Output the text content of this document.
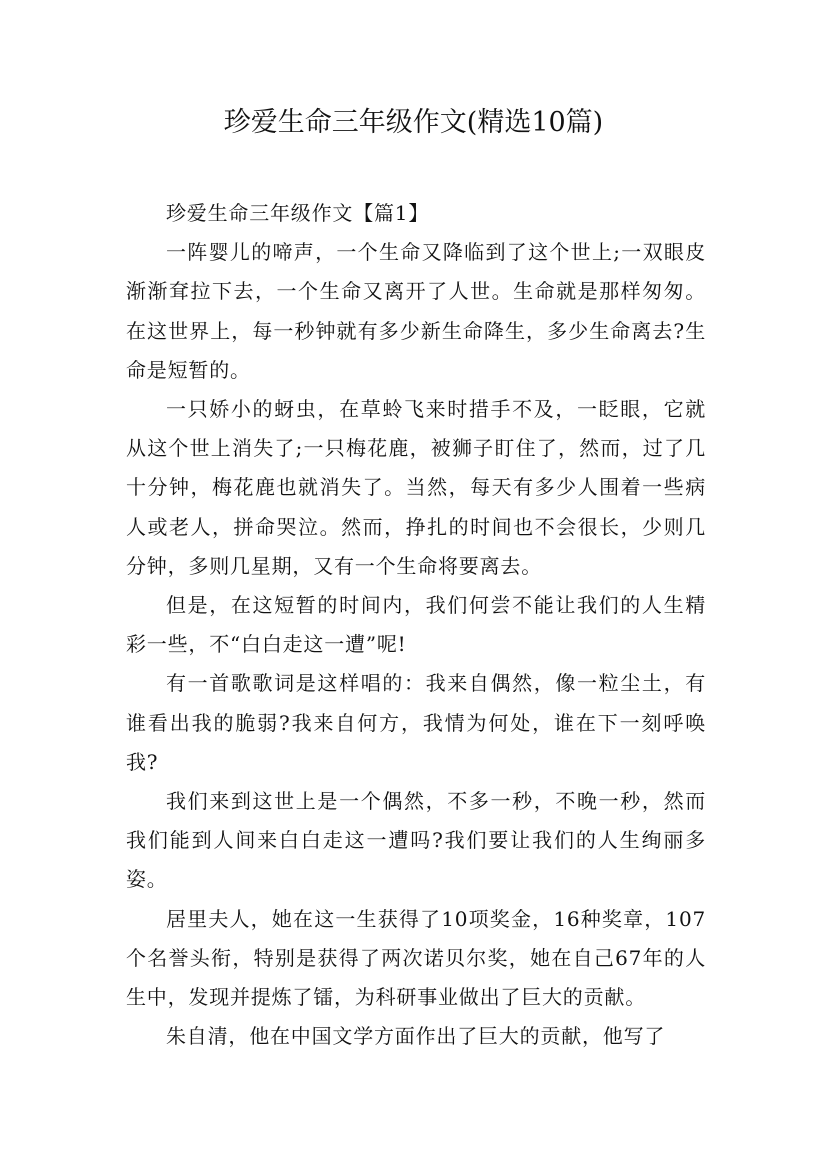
珍爱生命三年级作文(精选10篇)

珍爱生命三年级作文【篇1】

一阵婴儿的啼声，一个生命又降临到了这个世上;一双眼皮渐渐耷拉下去，一个生命又离开了人世。生命就是那样匆匆。在这世界上，每一秒钟就有多少新生命降生，多少生命离去?生命是短暂的。

一只娇小的蚜虫，在草蛉飞来时措手不及，一眨眼，它就从这个世上消失了;一只梅花鹿，被狮子盯住了，然而，过了几十分钟，梅花鹿也就消失了。当然，每天有多少人围着一些病人或老人，拼命哭泣。然而，挣扎的时间也不会很长，少则几分钟，多则几星期，又有一个生命将要离去。

但是，在这短暂的时间内，我们何尝不能让我们的人生精彩一些，不“白白走这一遭”呢!

有一首歌歌词是这样唱的：我来自偶然，像一粒尘土，有谁看出我的脆弱?我来自何方，我情为何处，谁在下一刻呼唤我?

我们来到这世上是一个偶然，不多一秒，不晚一秒，然而我们能到人间来白白走这一遭吗?我们要让我们的人生绚丽多姿。

居里夫人，她在这一生获得了10项奖金，16种奖章，107个名誉头衔，特别是获得了两次诺贝尔奖，她在自己67年的人生中，发现并提炼了镭，为科研事业做出了巨大的贡献。

朱自清，他在中国文学方面作出了巨大的贡献，他写了
